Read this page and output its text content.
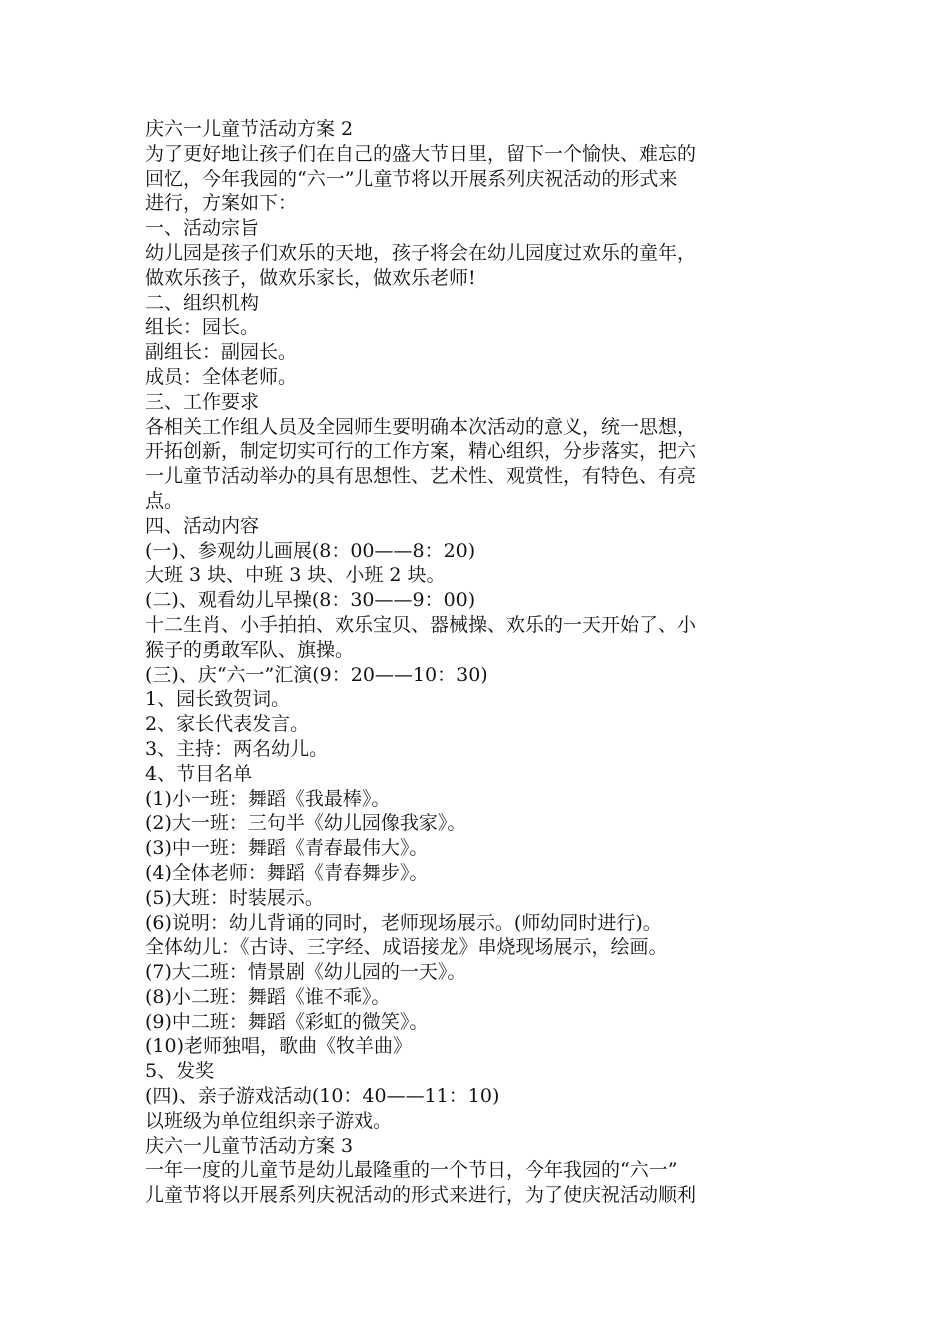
庆六一儿童节活动方案 2
为了更好地让孩子们在自己的盛大节日里，留下一个愉快、难忘的
回忆，今年我园的“六一”儿童节将以开展系列庆祝活动的形式来
进行，方案如下：
一、活动宗旨
幼儿园是孩子们欢乐的天地，孩子将会在幼儿园度过欢乐的童年，
做欢乐孩子，做欢乐家长，做欢乐老师!
二、组织机构
组长：园长。
副组长：副园长。
成员：全体老师。
三、工作要求
各相关工作组人员及全园师生要明确本次活动的意义，统一思想，
开拓创新，制定切实可行的工作方案，精心组织，分步落实，把六
一儿童节活动举办的具有思想性、艺术性、观赏性，有特色、有亮
点。
四、活动内容
(一)、参观幼儿画展(8：00——8：20)
大班 3 块、中班 3 块、小班 2 块。
(二)、观看幼儿早操(8：30——9：00)
十二生肖、小手拍拍、欢乐宝贝、器械操、欢乐的一天开始了、小
猴子的勇敢军队、旗操。
(三)、庆“六一”汇演(9：20——10：30)
1、园长致贺词。
2、家长代表发言。
3、主持：两名幼儿。
4、节目名单
(1)小一班：舞蹈《我最棒》。
(2)大一班：三句半《幼儿园像我家》。
(3)中一班：舞蹈《青春最伟大》。
(4)全体老师：舞蹈《青春舞步》。
(5)大班：时装展示。
(6)说明：幼儿背诵的同时，老师现场展示。(师幼同时进行)。
全体幼儿：《古诗、三字经、成语接龙》串烧现场展示，绘画。
(7)大二班：情景剧《幼儿园的一天》。
(8)小二班：舞蹈《谁不乖》。
(9)中二班：舞蹈《彩虹的微笑》。
(10)老师独唱，歌曲《牧羊曲》
5、发奖
(四)、亲子游戏活动(10：40——11：10)
以班级为单位组织亲子游戏。
庆六一儿童节活动方案 3
一年一度的儿童节是幼儿最隆重的一个节日，今年我园的“六一”
儿童节将以开展系列庆祝活动的形式来进行，为了使庆祝活动顺利
